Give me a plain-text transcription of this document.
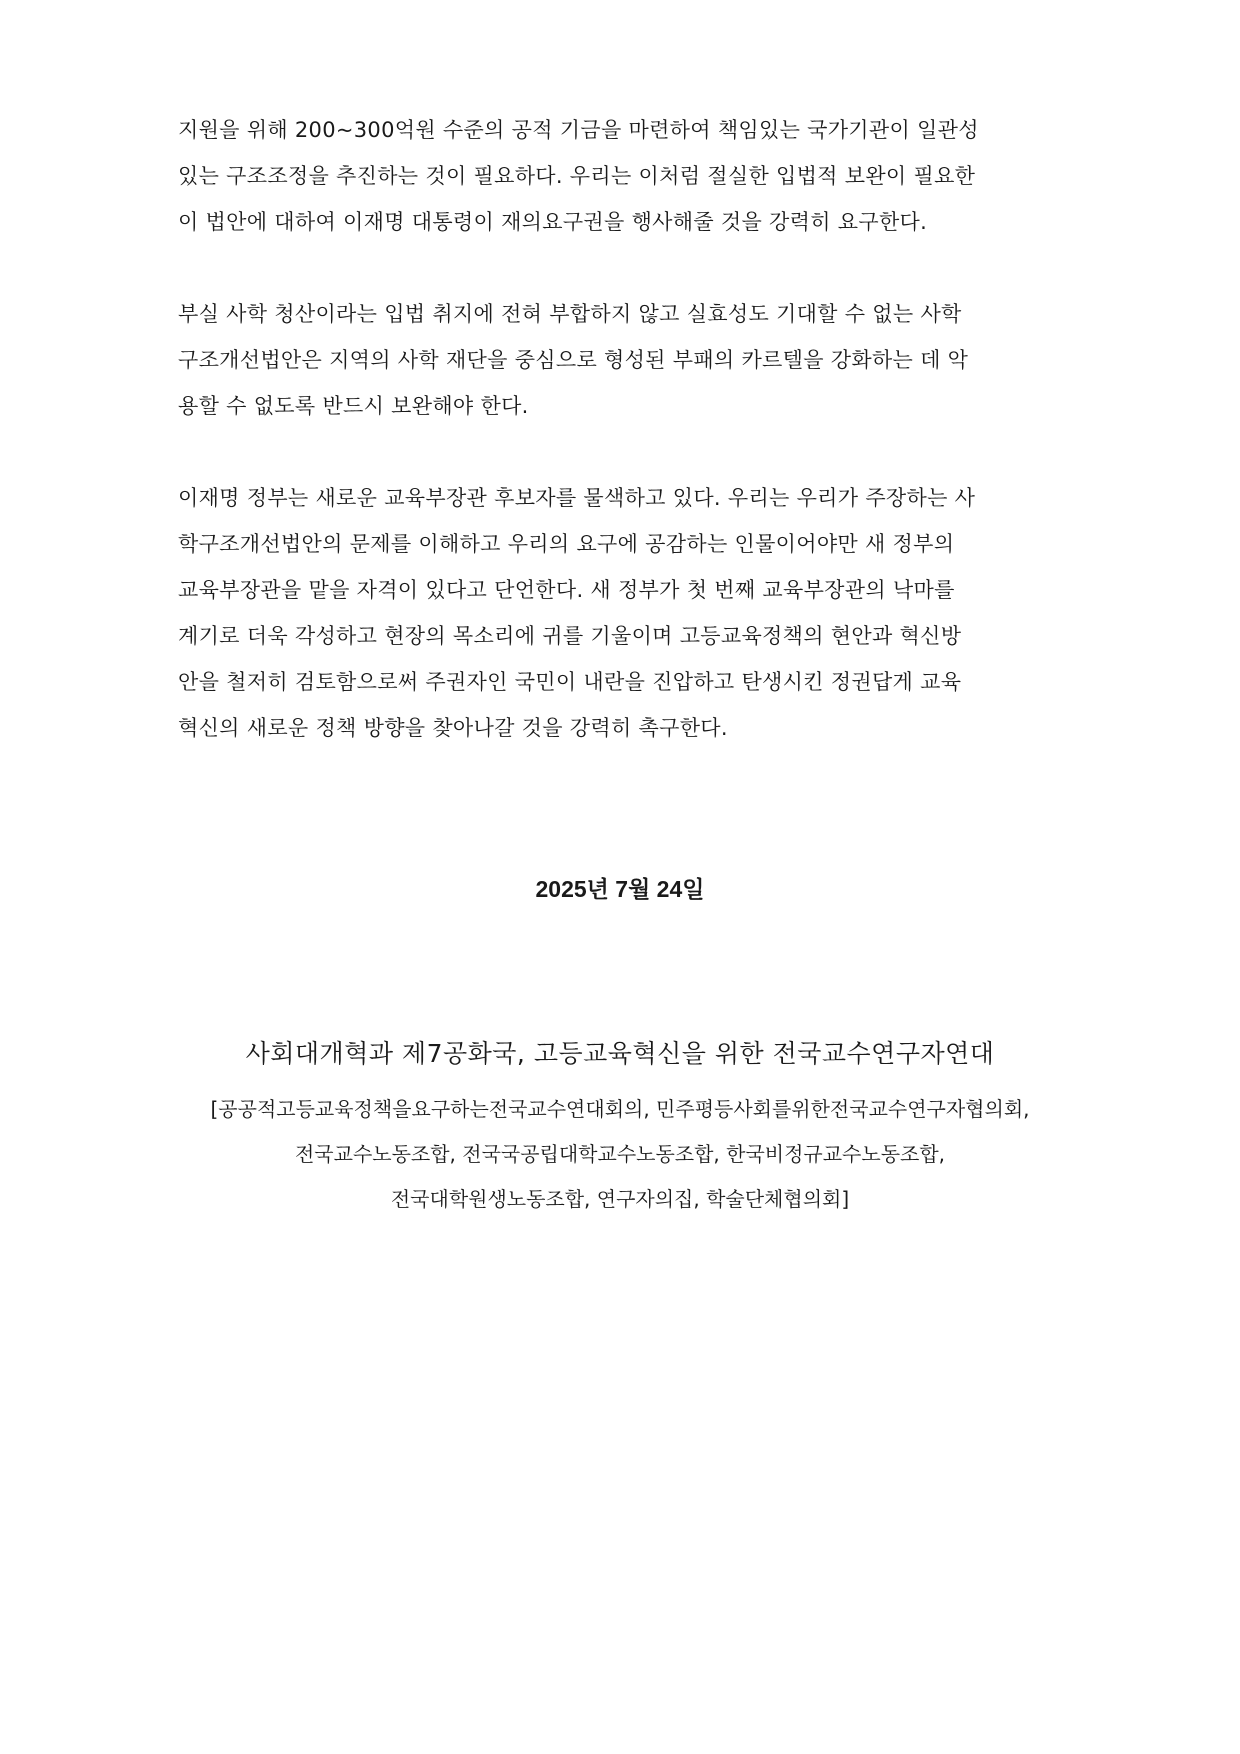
지원을 위해 200~300억원 수준의 공적 기금을 마련하여 책임있는 국가기관이 일관성
있는 구조조정을 추진하는 것이 필요하다. 우리는 이처럼 절실한 입법적 보완이 필요한
이 법안에 대하여 이재명 대통령이 재의요구권을 행사해줄 것을 강력히 요구한다.

부실 사학 청산이라는 입법 취지에 전혀 부합하지 않고 실효성도 기대할 수 없는 사학
구조개선법안은 지역의 사학 재단을 중심으로 형성된 부패의 카르텔을 강화하는 데 악
용할 수 없도록 반드시 보완해야 한다.

이재명 정부는 새로운 교육부장관 후보자를 물색하고 있다. 우리는 우리가 주장하는 사
학구조개선법안의 문제를 이해하고 우리의 요구에 공감하는 인물이어야만 새 정부의
교육부장관을 맡을 자격이 있다고 단언한다. 새 정부가 첫 번째 교육부장관의 낙마를
계기로 더욱 각성하고 현장의 목소리에 귀를 기울이며 고등교육정책의 현안과 혁신방
안을 철저히 검토함으로써 주권자인 국민이 내란을 진압하고 탄생시킨 정권답게 교육
혁신의 새로운 정책 방향을 찾아나갈 것을 강력히 촉구한다.

2025년 7월 24일
사회대개혁과 제7공화국, 고등교육혁신을 위한 전국교수연구자연대
[공공적고등교육정책을요구하는전국교수연대회의, 민주평등사회를위한전국교수연구자협의회,
전국교수노동조합, 전국국공립대학교수노동조합, 한국비정규교수노동조합,
전국대학원생노동조합, 연구자의집, 학술단체협의회]
